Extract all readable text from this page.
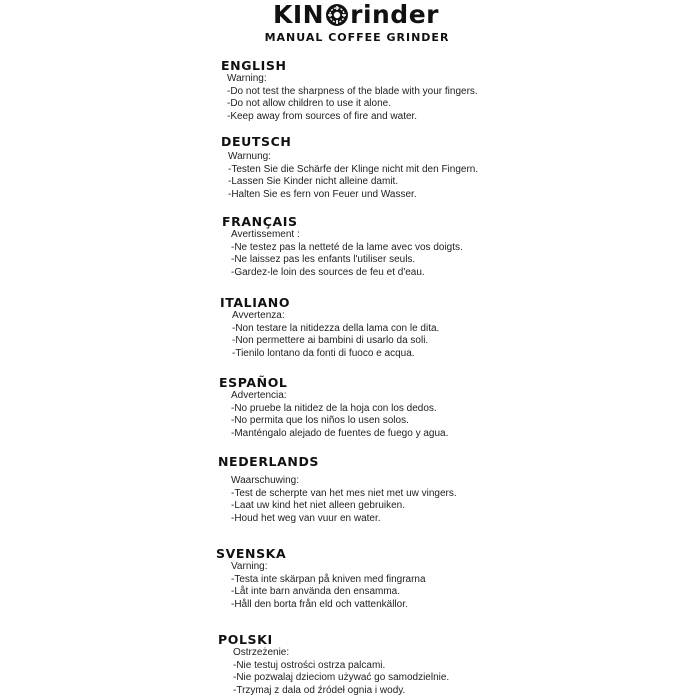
KIN rinder
MANUAL COFFEE GRINDER
ENGLISH
Warning:
-Do not test the sharpness of the blade with your fingers.
-Do not allow children to use it alone.
-Keep away from sources of fire and water.
DEUTSCH
Warnung:
-Testen Sie die Schärfe der Klinge nicht mit den Fingern.
-Lassen Sie Kinder nicht alleine damit.
-Halten Sie es fern von Feuer und Wasser.
FRANÇAIS
Avertissement :
-Ne testez pas la netteté de la lame avec vos doigts.
-Ne laissez pas les enfants l'utiliser seuls.
-Gardez-le loin des sources de feu et d'eau.
ITALIANO
Avvertenza:
-Non testare la nitidezza della lama con le dita.
-Non permettere ai bambini di usarlo da soli.
-Tienilo lontano da fonti di fuoco e acqua.
ESPAÑOL
Advertencia:
-No pruebe la nitidez de la hoja con los dedos.
-No permita que los niños lo usen solos.
-Manténgalo alejado de fuentes de fuego y agua.
NEDERLANDS
Waarschuwing:
-Test de scherpte van het mes niet met uw vingers.
-Laat uw kind het niet alleen gebruiken.
-Houd het weg van vuur en water.
SVENSKA
Varning:
-Testa inte skärpan på kniven med fingrarna
-Låt inte barn använda den ensamma.
-Håll den borta från eld och vattenkällor.
POLSKI
Ostrzeżenie:
-Nie testuj ostrości ostrza palcami.
-Nie pozwalaj dzieciom używać go samodzielnie.
-Trzymaj z dala od źródeł ognia i wody.
